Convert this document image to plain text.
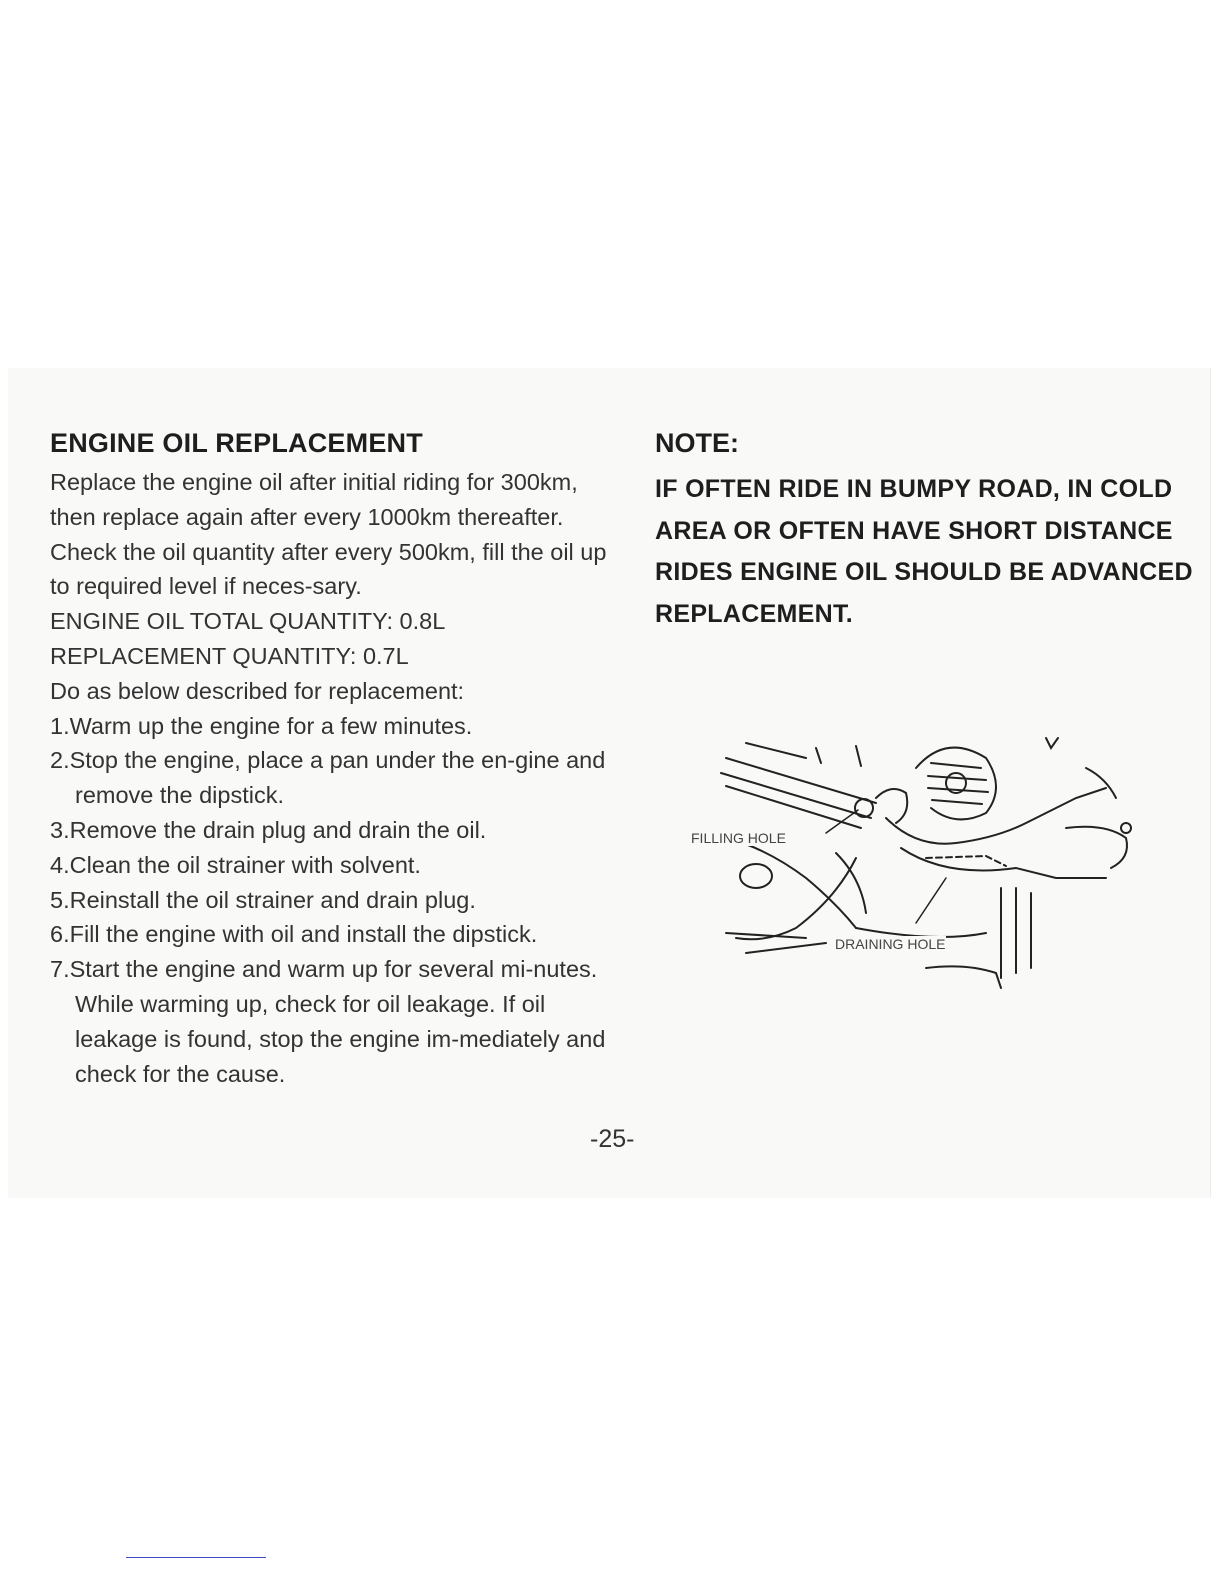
ENGINE OIL REPLACEMENT

Replace the engine oil after initial riding for 300km, then replace again after every 1000km thereafter. Check the oil quantity after every 500km, fill the oil up to required level if neces-sary.

ENGINE OIL TOTAL QUANTITY: 0.8L

REPLACEMENT QUANTITY: 0.7L

Do as below described for replacement:

1.Warm up the engine for a few minutes.

2.Stop the engine, place a pan under the en-gine and remove the dipstick.

3.Remove the drain plug and drain the oil.

4.Clean the oil strainer with solvent.

5.Reinstall the oil strainer and drain plug.

6.Fill the engine with oil and install the dipstick.

7.Start the engine and warm up for several mi-nutes. While warming up, check for oil leakage. If oil leakage is found, stop the engine im-mediately and check for the cause.

-25-
NOTE:

IF OFTEN RIDE IN BUMPY ROAD, IN COLD AREA OR OFTEN HAVE SHORT DISTANCE RIDES ENGINE OIL SHOULD BE ADVANCED REPLACEMENT.

FILLING HOLE
DRAINING HOLE
